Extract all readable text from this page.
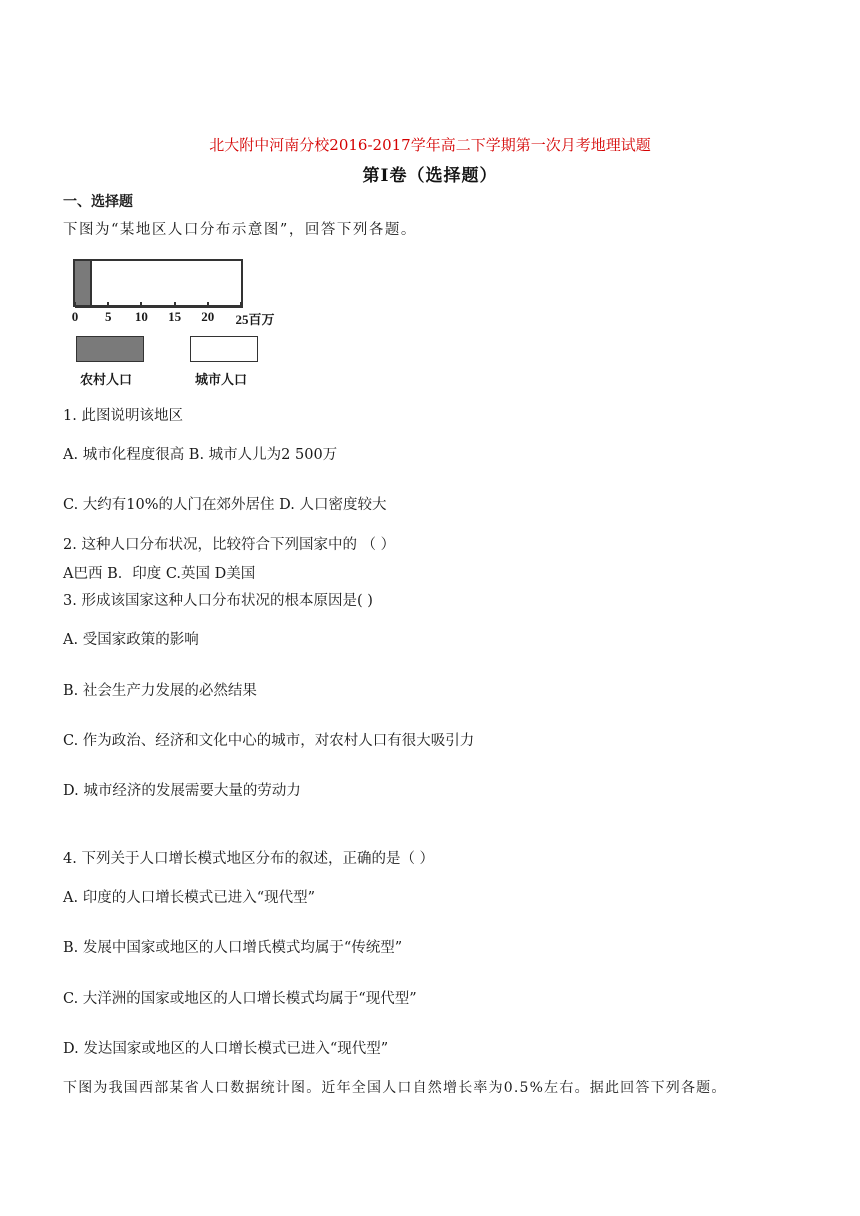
北大附中河南分校2016-2017学年高二下学期第一次月考地理试题
第Ⅰ卷（选择题）
一、选择题
下图为“某地区人口分布示意图”，回答下列各题。
0 5 10 15 20 25百万
农村人口	城市人口
1. 此图说明该地区
A. 城市化程度很高 B. 城市人儿为2 500万
C. 大约有10%的人门在郊外居住 D. 人口密度较大
2. 这种人口分布状况，比较符合下列国家中的 （ ）
A巴西 B．印度 C.英国 D美国
3. 形成该国家这种人口分布状况的根本原因是( )
A. 受国家政策的影响
B. 社会生产力发展的必然结果
C. 作为政治、经济和文化中心的城市，对农村人口有很大吸引力
D. 城市经济的发展需要大量的劳动力
4. 下列关于人口增长模式地区分布的叙述，正确的是（ ）
A. 印度的人口增长模式已进入“现代型”
B. 发展中国家或地区的人口增氏模式均属于“传统型”
C. 大洋洲的国家或地区的人口增长模式均属于“现代型”
D. 发达国家或地区的人口增长模式已进入“现代型”
下图为我国西部某省人口数据统计图。近年全国人口自然增长率为0.5%左右。据此回答下列各题。
